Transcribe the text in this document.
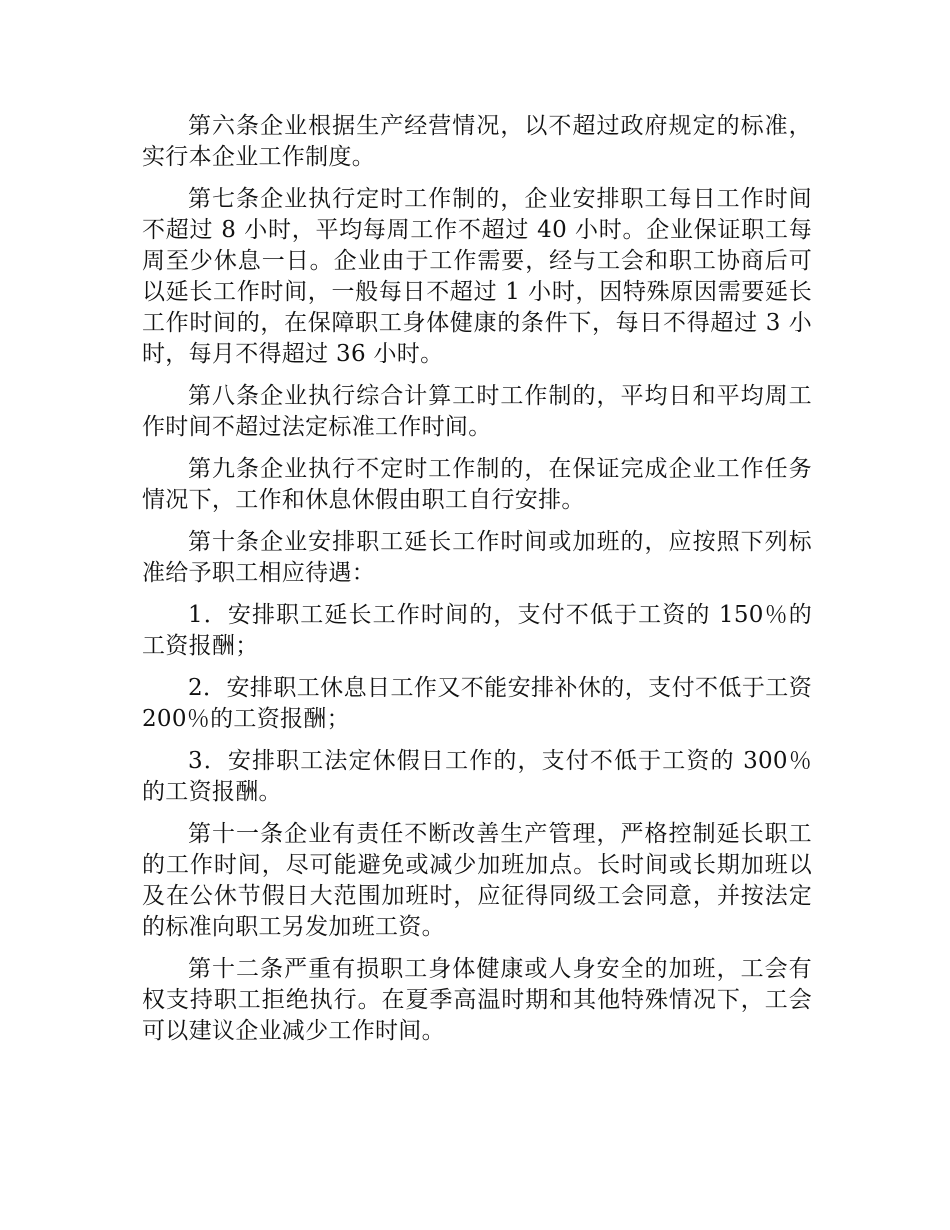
第六条企业根据生产经营情况，以不超过政府规定的标准，实行本企业工作制度。

第七条企业执行定时工作制的，企业安排职工每日工作时间不超过 8 小时，平均每周工作不超过 40 小时。企业保证职工每周至少休息一日。企业由于工作需要，经与工会和职工协商后可以延长工作时间，一般每日不超过 1 小时，因特殊原因需要延长工作时间的，在保障职工身体健康的条件下，每日不得超过 3 小时，每月不得超过 36 小时。

第八条企业执行综合计算工时工作制的，平均日和平均周工作时间不超过法定标准工作时间。

第九条企业执行不定时工作制的，在保证完成企业工作任务情况下，工作和休息休假由职工自行安排。

第十条企业安排职工延长工作时间或加班的，应按照下列标准给予职工相应待遇：

1．安排职工延长工作时间的，支付不低于工资的 150％的工资报酬；

2．安排职工休息日工作又不能安排补休的，支付不低于工资 200％的工资报酬；

3．安排职工法定休假日工作的，支付不低于工资的 300％的工资报酬。

第十一条企业有责任不断改善生产管理，严格控制延长职工的工作时间，尽可能避免或减少加班加点。长时间或长期加班以及在公休节假日大范围加班时，应征得同级工会同意，并按法定的标准向职工另发加班工资。

第十二条严重有损职工身体健康或人身安全的加班，工会有权支持职工拒绝执行。在夏季高温时期和其他特殊情况下，工会可以建议企业减少工作时间。
